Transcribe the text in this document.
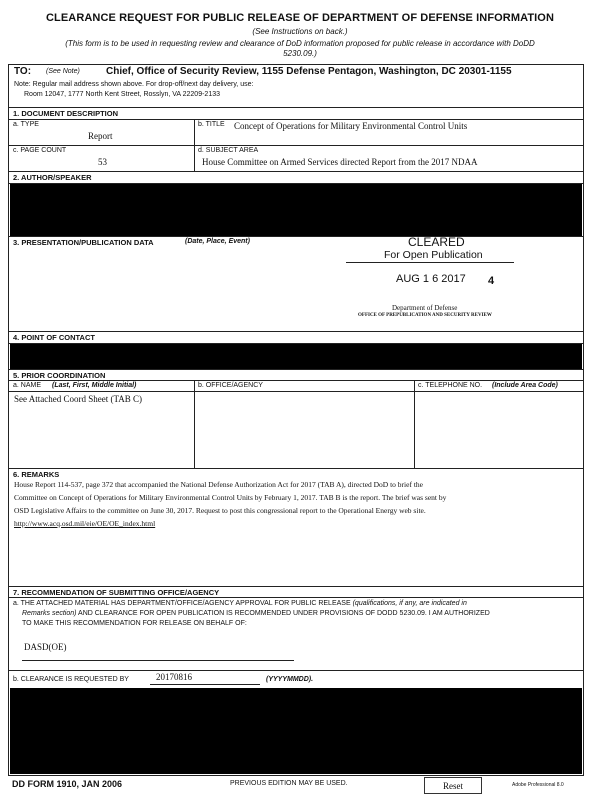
CLEARANCE REQUEST FOR PUBLIC RELEASE OF DEPARTMENT OF DEFENSE INFORMATION
(See Instructions on back.)
(This form is to be used in requesting review and clearance of DoD information proposed for public release in accordance with DoDD
5230.09.)
TO: (See Note)	Chief, Office of Security Review, 1155 Defense Pentagon, Washington, DC 20301-1155
Note: Regular mail address shown above. For drop-off/next day delivery, use:
Room 12047, 1777 North Kent Street, Rosslyn, VA 22209-2133
1. DOCUMENT DESCRIPTION
a. TYPE
Report
b. TITLE Concept of Operations for Military Environmental Control Units
c. PAGE COUNT
53
d. SUBJECT AREA
House Committee on Armed Services directed Report from the 2017 NDAA
2. AUTHOR/SPEAKER
3. PRESENTATION/PUBLICATION DATA	(Date, Place, Event)	CLEARED
For Open Publication
AUG 1 6 2017 4
Department of Defense
OFFICE OF PREPUBLICATION AND SECURITY REVIEW
4. POINT OF CONTACT
5. PRIOR COORDINATION
a. NAME (Last, First, Middle Initial)	b. OFFICE/AGENCY	c. TELEPHONE NO. (Include Area Code)
See Attached Coord Sheet (TAB C)
6. REMARKS
House Report 114-537, page 372 that accompanied the National Defense Authorization Act for 2017 (TAB A), directed DoD to brief the
Committee on Concept of Operations for Military Environmental Control Units by February 1, 2017. TAB B is the report. The brief was sent by
OSD Legislative Affairs to the committee on June 30, 2017. Request to post this congressional report to the Operational Energy web site.
http://www.acq.osd.mil/eie/OE/OE_index.html
7. RECOMMENDATION OF SUBMITTING OFFICE/AGENCY
a. THE ATTACHED MATERIAL HAS DEPARTMENT/OFFICE/AGENCY APPROVAL FOR PUBLIC RELEASE (qualifications, if any, are indicated in
Remarks section) AND CLEARANCE FOR OPEN PUBLICATION IS RECOMMENDED UNDER PROVISIONS OF DODD 5230.09. I AM AUTHORIZED
TO MAKE THIS RECOMMENDATION FOR RELEASE ON BEHALF OF:
DASD(OE)
b. CLEARANCE IS REQUESTED BY	20170816	(YYYYMMDD).
DD FORM 1910, JAN 2006	PREVIOUS EDITION MAY BE USED.	Reset	Adobe Professional 8.0
